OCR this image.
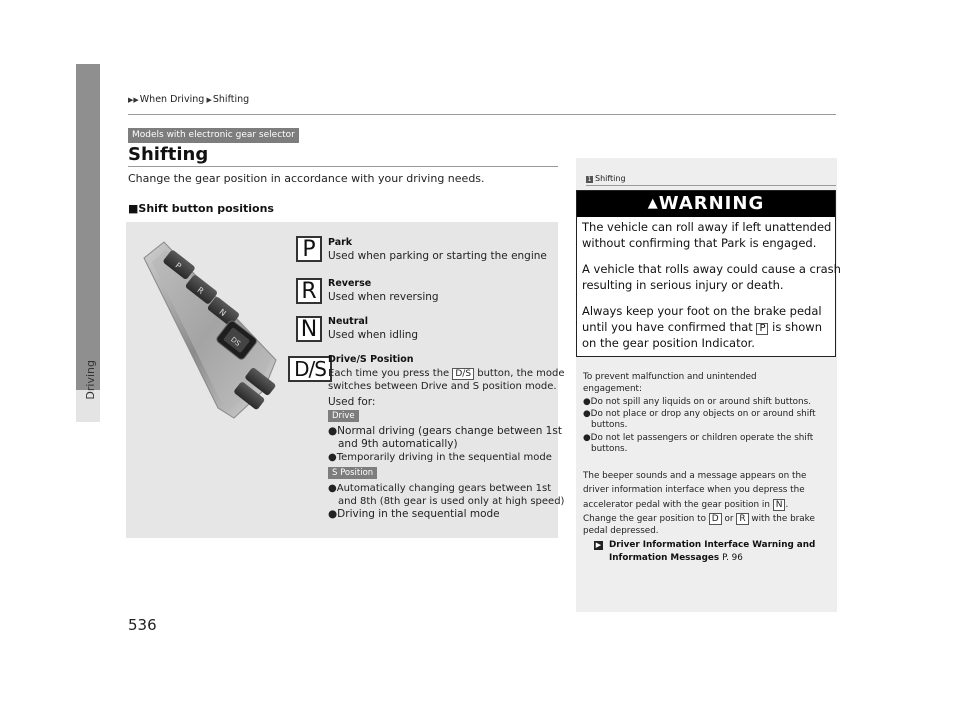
Driving
▶▶When Driving ▶Shifting
Models with electronic gear selector
Shifting
Change the gear position in accordance with your driving needs.
■Shift button positions
P
R
N
DS
P	Park
Used when parking or starting the engine
R	Reverse
Used when reversing
N	Neutral
Used when idling
D/S Drive/S Position
Each time you press the D/S button, the mode
switches between Drive and S position mode.
Used for:
Drive
●Normal driving (gears change between 1st
and 9th automatically)
●Temporarily driving in the sequential mode
S Position
●Automatically changing gears between 1st
and 8th (8th gear is used only at high speed)
●Driving in the sequential mode
536
1 Shifting
▲WARNING
The vehicle can roll away if left unattended
without confirming that Park is engaged.
A vehicle that rolls away could cause a crash
resulting in serious injury or death.
Always keep your foot on the brake pedal
until you have confirmed that P is shown
on the gear position Indicator.
To prevent malfunction and unintended
engagement:
●Do not spill any liquids on or around shift buttons.
●Do not place or drop any objects on or around shift
buttons.
●Do not let passengers or children operate the shift
buttons.
The beeper sounds and a message appears on the
driver information interface when you depress the
accelerator pedal with the gear position in N .
Change the gear position to D or R with the brake
pedal depressed.
▶ Driver Information Interface Warning and
Information Messages P. 96
